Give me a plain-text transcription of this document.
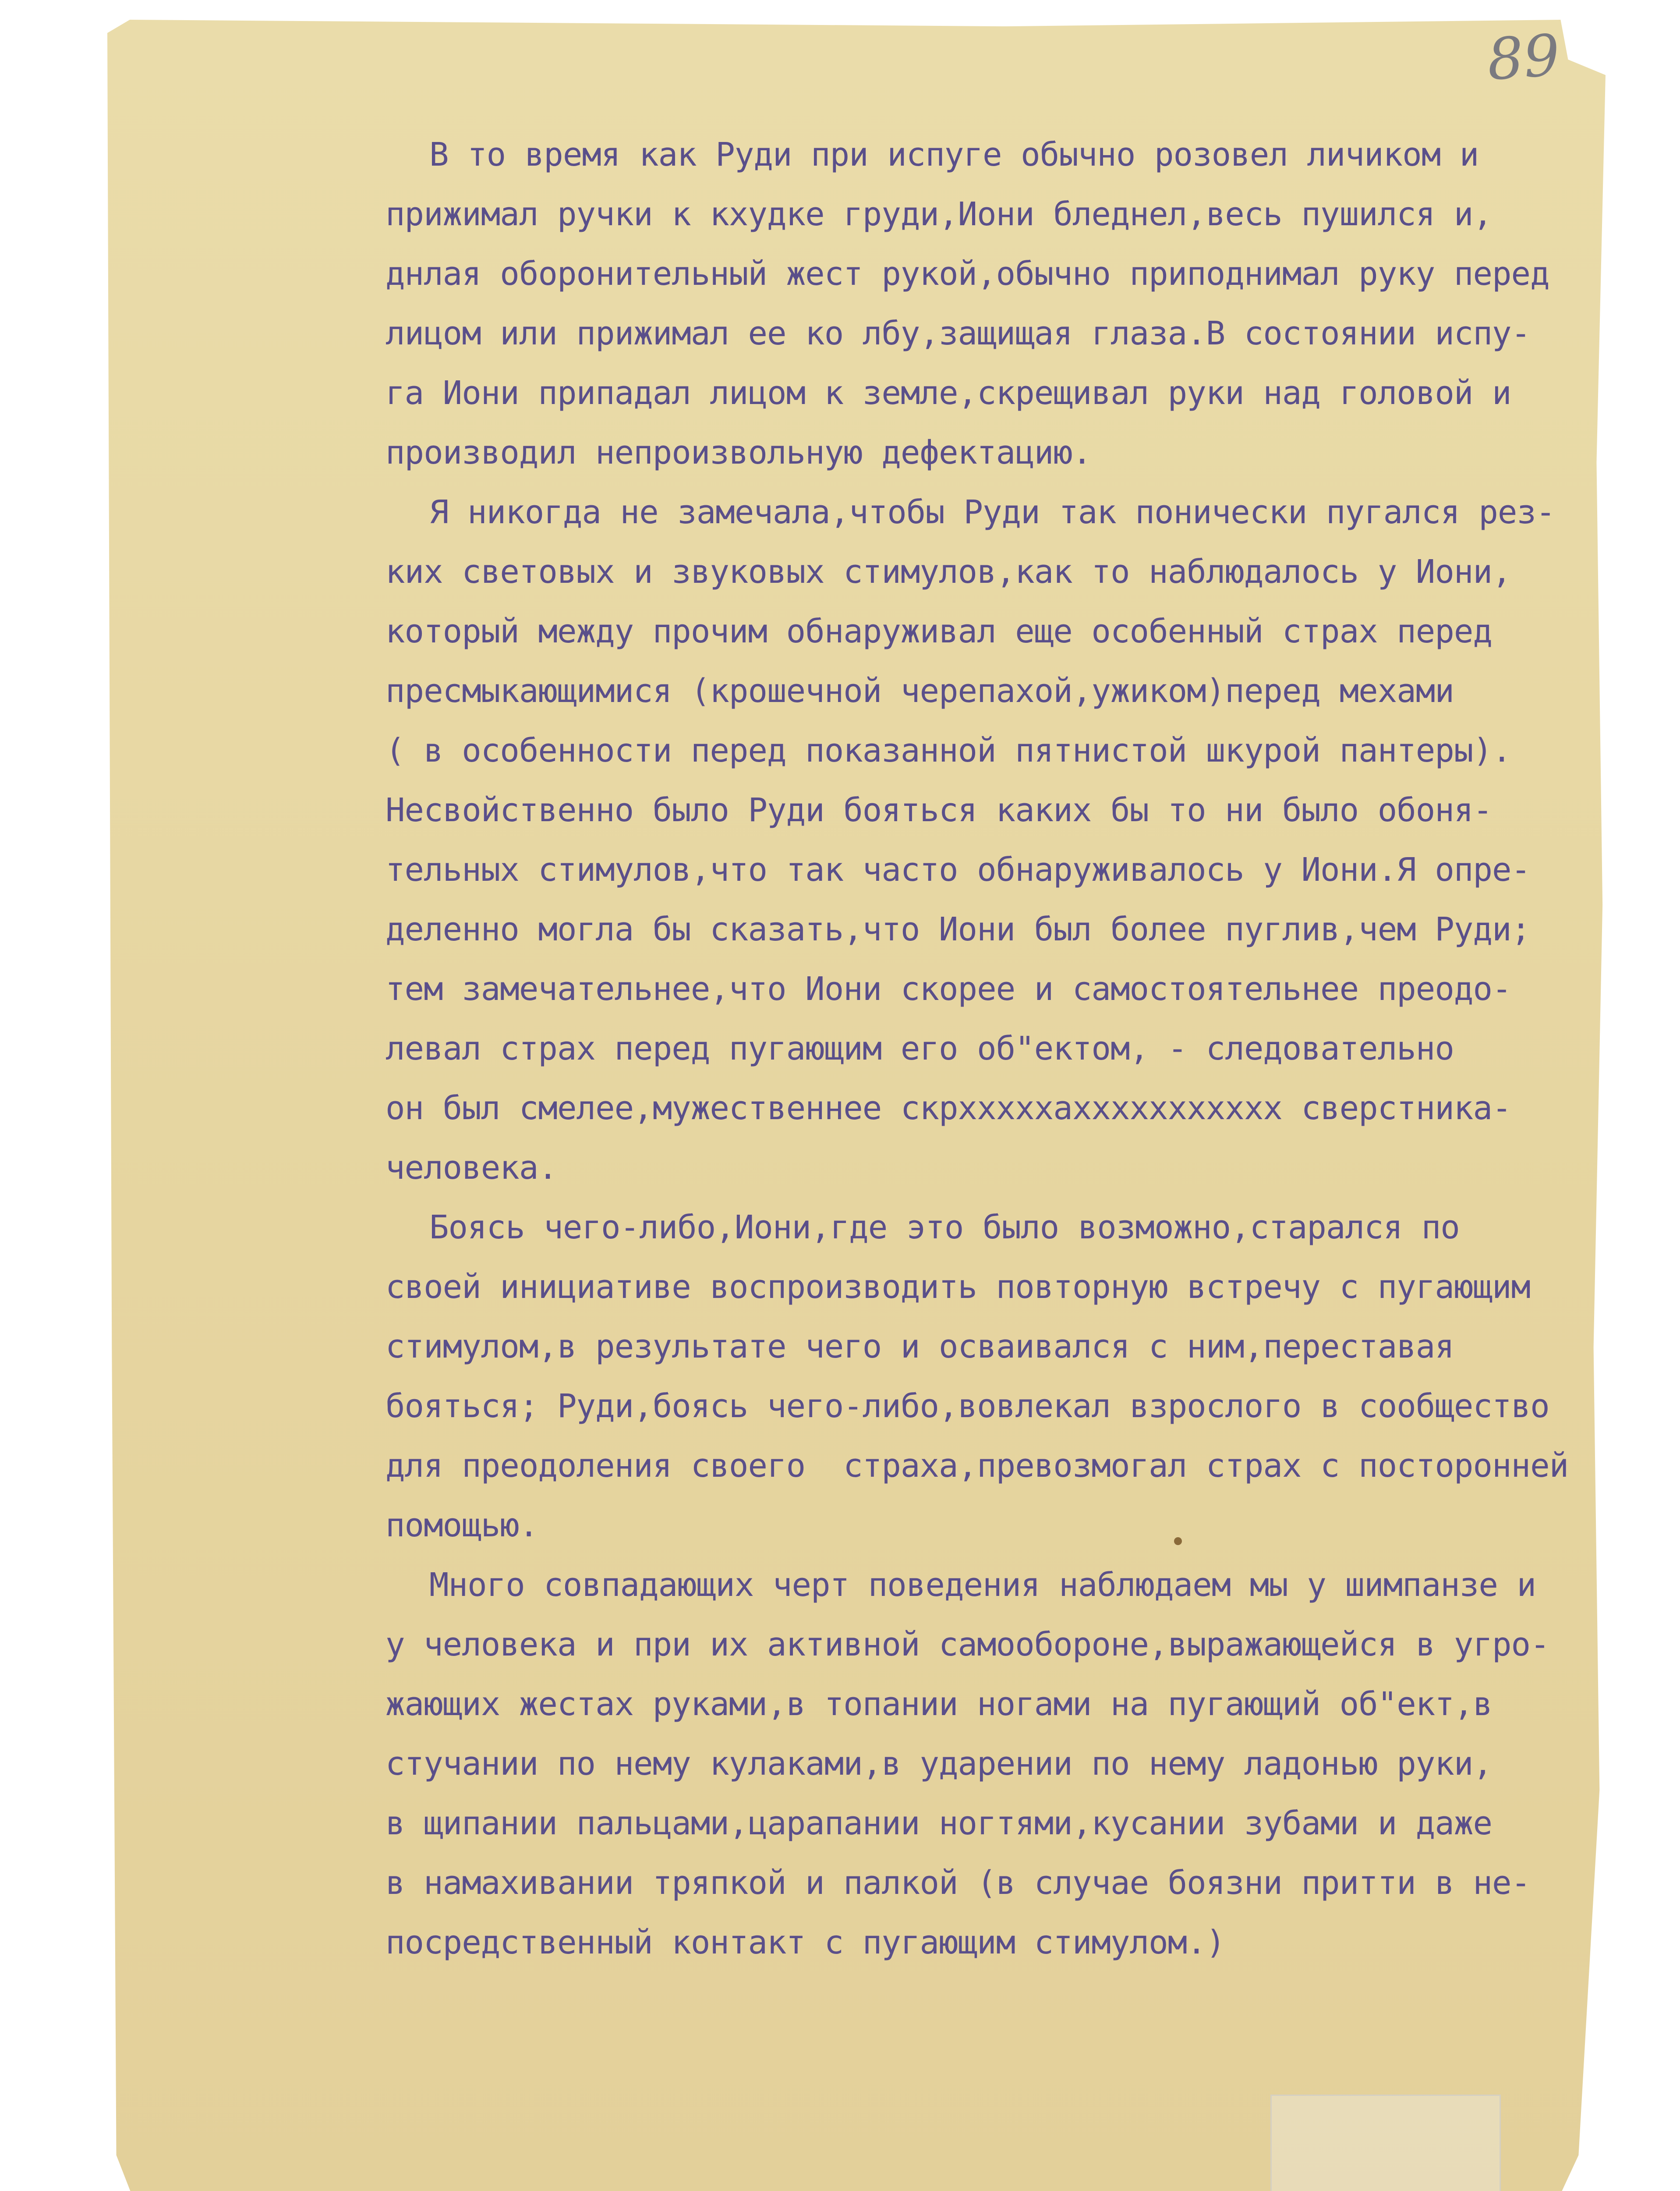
89
В то время как Руди при испуге обычно розовел личиком и
прижимал ручки к кхудке груди,Иони бледнел,весь пушился и,
днлая оборонительный жест рукой,обычно приподнимал руку перед
лицом или прижимал ее ко лбу,защищая глаза.В состоянии испу-
га Иони припадал лицом к земле,скрещивал руки над головой и
производил непроизвольную дефектацию.
Я никогда не замечала,чтобы Руди так понически пугался рез-
ких световых и звуковых стимулов,как то наблюдалось у Иони,
который между прочим обнаруживал еще особенный страх перед
пресмыкающимися (крошечной черепахой,ужиком)перед мехами
( в особенности перед показанной пятнистой шкурой пантеры).
Несвойственно было Руди бояться каких бы то ни было обоня-
тельных стимулов,что так часто обнаруживалось у Иони.Я опре-
деленно могла бы сказать,что Иони был более пуглив,чем Руди;
тем замечательнее,что Иони скорее и самостоятельнее преодо-
левал страх перед пугающим его об"ектом, - следовательно
он был смелее,мужественнее скрхххххаххххххххххх сверстника-
человека.
Боясь чего-либо,Иони,где это было возможно,старался по
своей инициативе воспроизводить повторную встречу с пугающим
стимулом,в результате чего и осваивался с ним,переставая
бояться; Руди,боясь чего-либо,вовлекал взрослого в сообщество
для преодоления своего  страха,превозмогал страх с посторонней
помощью.
Много совпадающих черт поведения наблюдаем мы у шимпанзе и
у человека и при их активной самообороне,выражающейся в угро-
жающих жестах руками,в топании ногами на пугающий об"ект,в
стучании по нему кулаками,в ударении по нему ладонью руки,
в щипании пальцами,царапании ногтями,кусании зубами и даже
в намахивании тряпкой и палкой (в случае боязни притти в не-
посредственный контакт с пугающим стимулом.)
